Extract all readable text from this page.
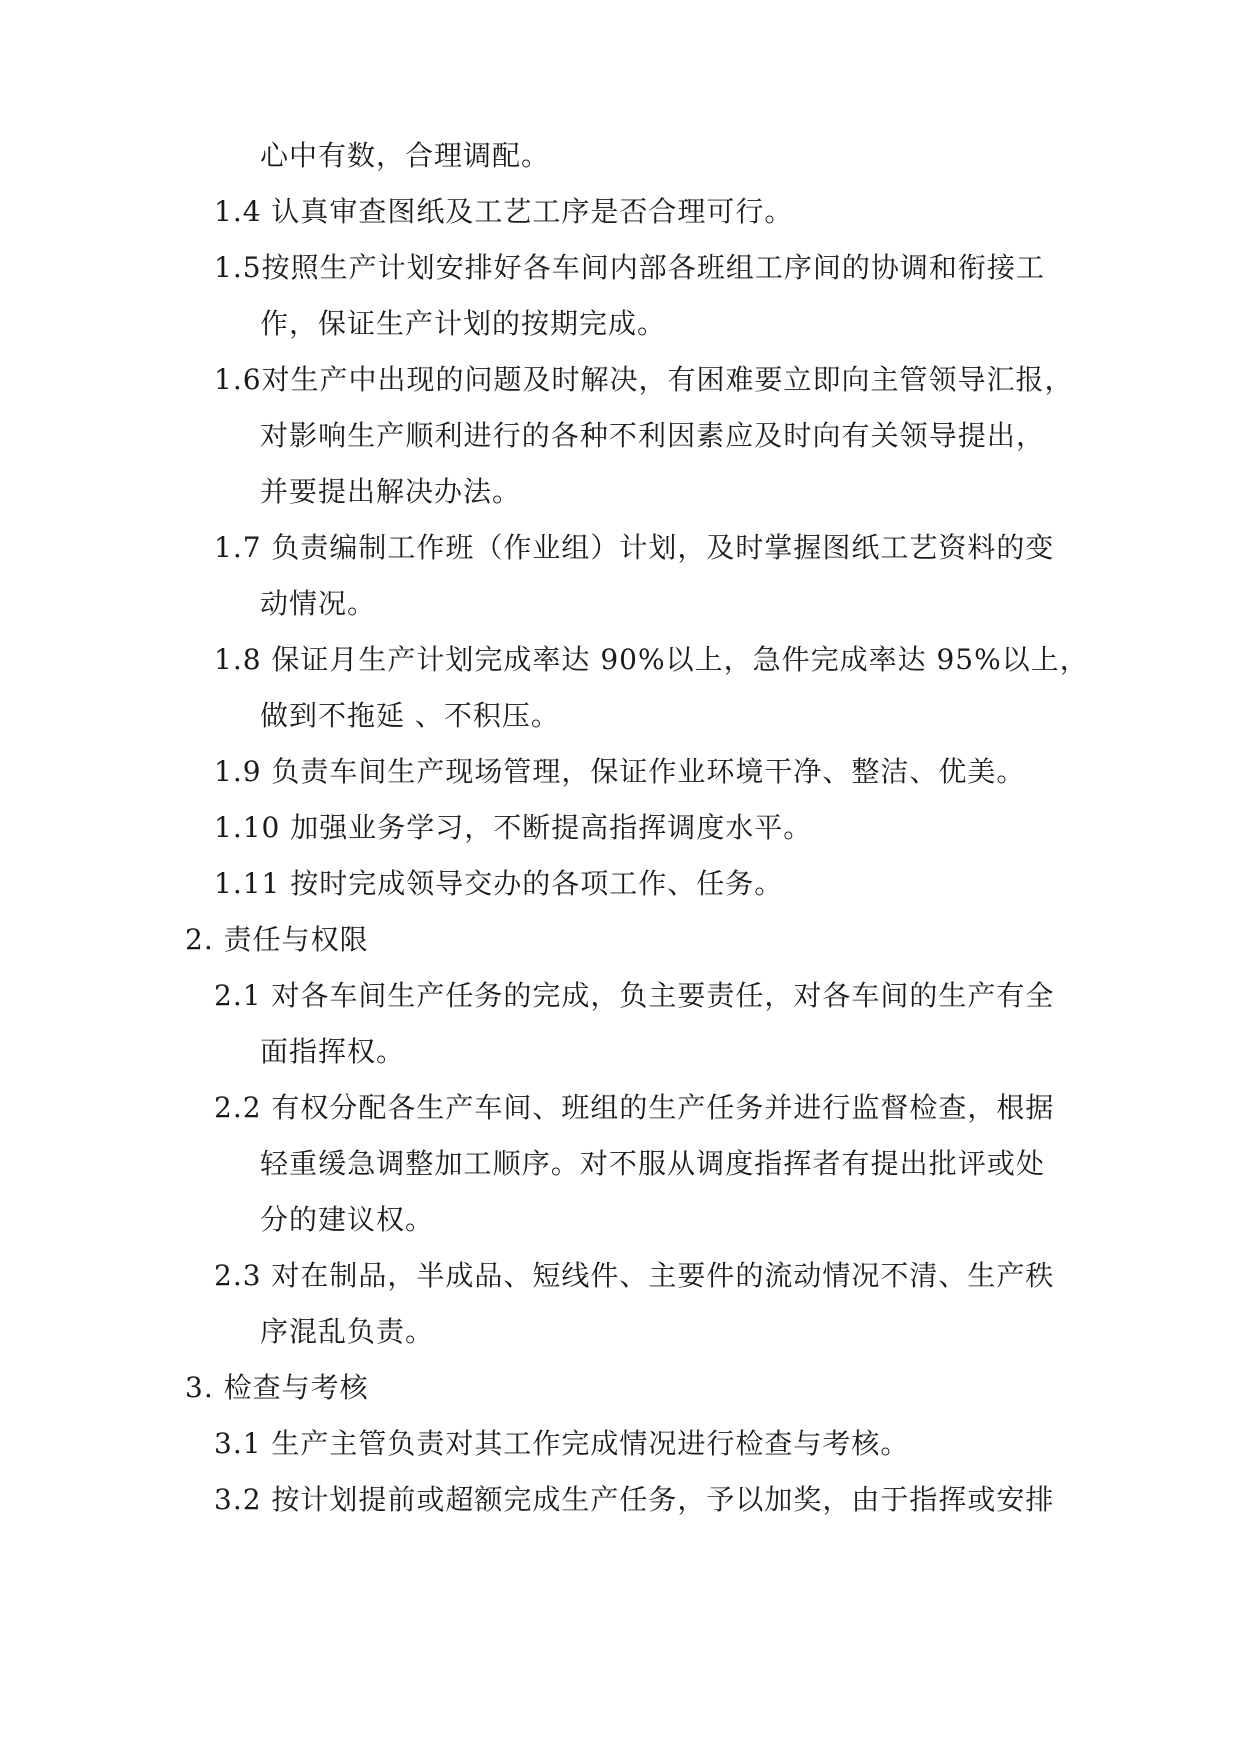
心中有数，合理调配。
1.4 认真审查图纸及工艺工序是否合理可行。
1.5按照生产计划安排好各车间内部各班组工序间的协调和衔接工
作，保证生产计划的按期完成。
1.6对生产中出现的问题及时解决，有困难要立即向主管领导汇报，
对影响生产顺利进行的各种不利因素应及时向有关领导提出，
并要提出解决办法。
1.7 负责编制工作班（作业组）计划，及时掌握图纸工艺资料的变
动情况。
1.8 保证月生产计划完成率达 90%以上，急件完成率达 95%以上，
做到不拖延 、不积压。
1.9 负责车间生产现场管理，保证作业环境干净、整洁、优美。
1.10 加强业务学习，不断提高指挥调度水平。
1.11 按时完成领导交办的各项工作、任务。
2. 责任与权限
2.1 对各车间生产任务的完成，负主要责任，对各车间的生产有全
面指挥权。
2.2 有权分配各生产车间、班组的生产任务并进行监督检查，根据
轻重缓急调整加工顺序。对不服从调度指挥者有提出批评或处
分的建议权。
2.3 对在制品，半成品、短线件、主要件的流动情况不清、生产秩
序混乱负责。
3. 检查与考核
3.1 生产主管负责对其工作完成情况进行检查与考核。
3.2 按计划提前或超额完成生产任务，予以加奖，由于指挥或安排
